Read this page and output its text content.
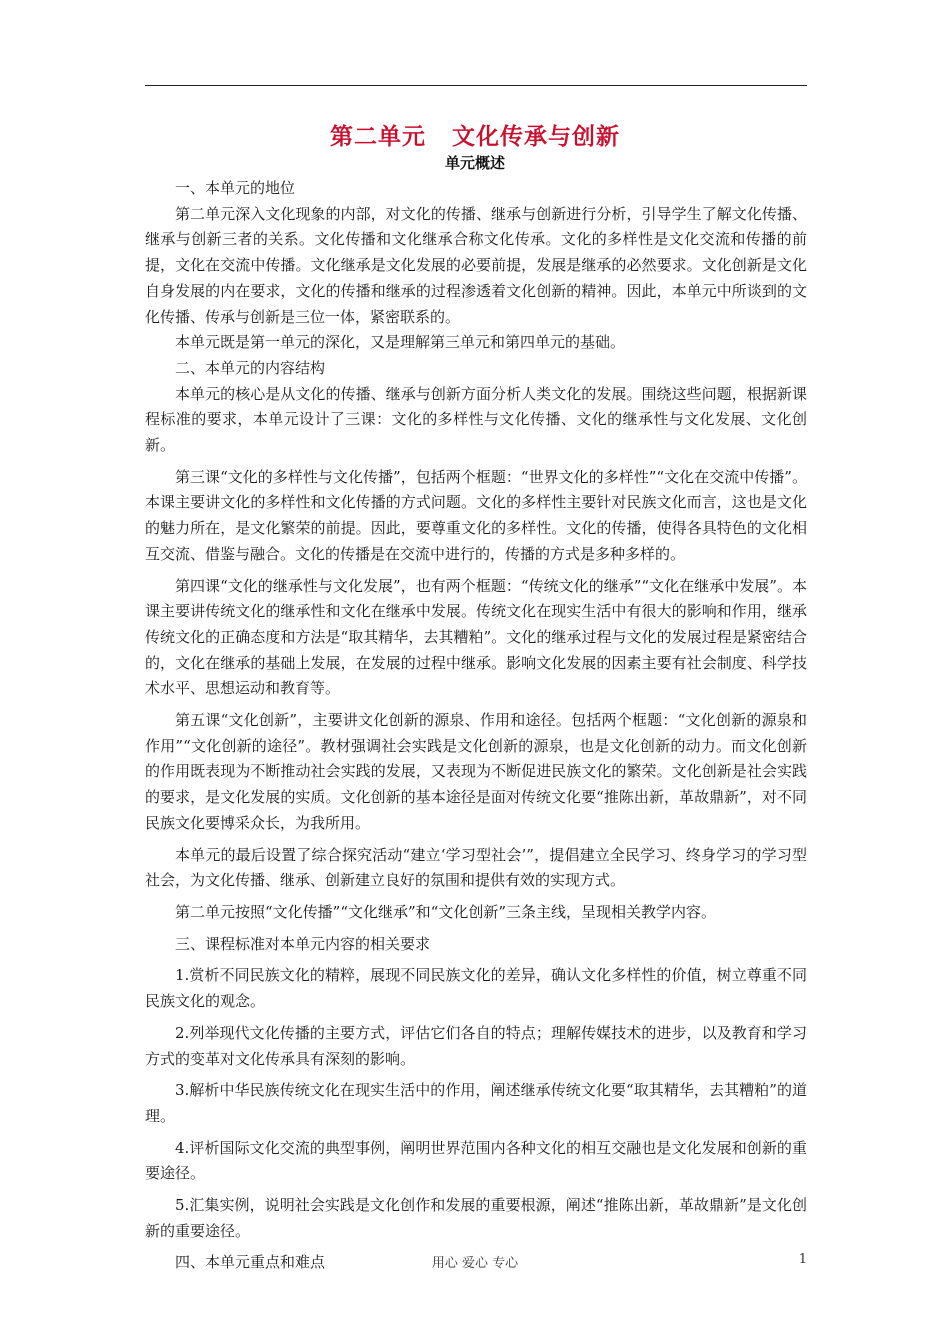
第二单元 文化传承与创新
单元概述

一、本单元的地位

第二单元深入文化现象的内部，对文化的传播、继承与创新进行分析，引导学生了解文化传播、继承与创新三者的关系。文化传播和文化继承合称文化传承。文化的多样性是文化交流和传播的前提，文化在交流中传播。文化继承是文化发展的必要前提，发展是继承的必然要求。文化创新是文化自身发展的内在要求，文化的传播和继承的过程渗透着文化创新的精神。因此，本单元中所谈到的文化传播、传承与创新是三位一体，紧密联系的。

本单元既是第一单元的深化，又是理解第三单元和第四单元的基础。

二、本单元的内容结构

本单元的核心是从文化的传播、继承与创新方面分析人类文化的发展。围绕这些问题，根据新课程标准的要求，本单元设计了三课：文化的多样性与文化传播、文化的继承性与文化发展、文化创新。

第三课“文化的多样性与文化传播”，包括两个框题：“世界文化的多样性”“文化在交流中传播”。本课主要讲文化的多样性和文化传播的方式问题。文化的多样性主要针对民族文化而言，这也是文化的魅力所在，是文化繁荣的前提。因此，要尊重文化的多样性。文化的传播，使得各具特色的文化相互交流、借鉴与融合。文化的传播是在交流中进行的，传播的方式是多种多样的。

第四课“文化的继承性与文化发展”，也有两个框题：“传统文化的继承”“文化在继承中发展”。本课主要讲传统文化的继承性和文化在继承中发展。传统文化在现实生活中有很大的影响和作用，继承传统文化的正确态度和方法是“取其精华，去其糟粕”。文化的继承过程与文化的发展过程是紧密结合的，文化在继承的基础上发展，在发展的过程中继承。影响文化发展的因素主要有社会制度、科学技术水平、思想运动和教育等。

第五课“文化创新”，主要讲文化创新的源泉、作用和途径。包括两个框题：“文化创新的源泉和作用”“文化创新的途径”。教材强调社会实践是文化创新的源泉，也是文化创新的动力。而文化创新的作用既表现为不断推动社会实践的发展，又表现为不断促进民族文化的繁荣。文化创新是社会实践的要求，是文化发展的实质。文化创新的基本途径是面对传统文化要“推陈出新，革故鼎新”，对不同民族文化要博采众长，为我所用。

本单元的最后设置了综合探究活动“建立‘学习型社会’”，提倡建立全民学习、终身学习的学习型社会，为文化传播、继承、创新建立良好的氛围和提供有效的实现方式。

第二单元按照“文化传播”“文化继承”和“文化创新”三条主线，呈现相关教学内容。

三、课程标准对本单元内容的相关要求

1.赏析不同民族文化的精粹，展现不同民族文化的差异，确认文化多样性的价值，树立尊重不同民族文化的观念。

2.列举现代文化传播的主要方式，评估它们各自的特点；理解传媒技术的进步，以及教育和学习方式的变革对文化传承具有深刻的影响。

3.解析中华民族传统文化在现实生活中的作用，阐述继承传统文化要“取其精华，去其糟粕”的道理。

4.评析国际文化交流的典型事例，阐明世界范围内各种文化的相互交融也是文化发展和创新的重要途径。

5.汇集实例，说明社会实践是文化创作和发展的重要根源，阐述“推陈出新，革故鼎新”是文化创新的重要途径。

四、本单元重点和难点	用心 爱心 专心	1
